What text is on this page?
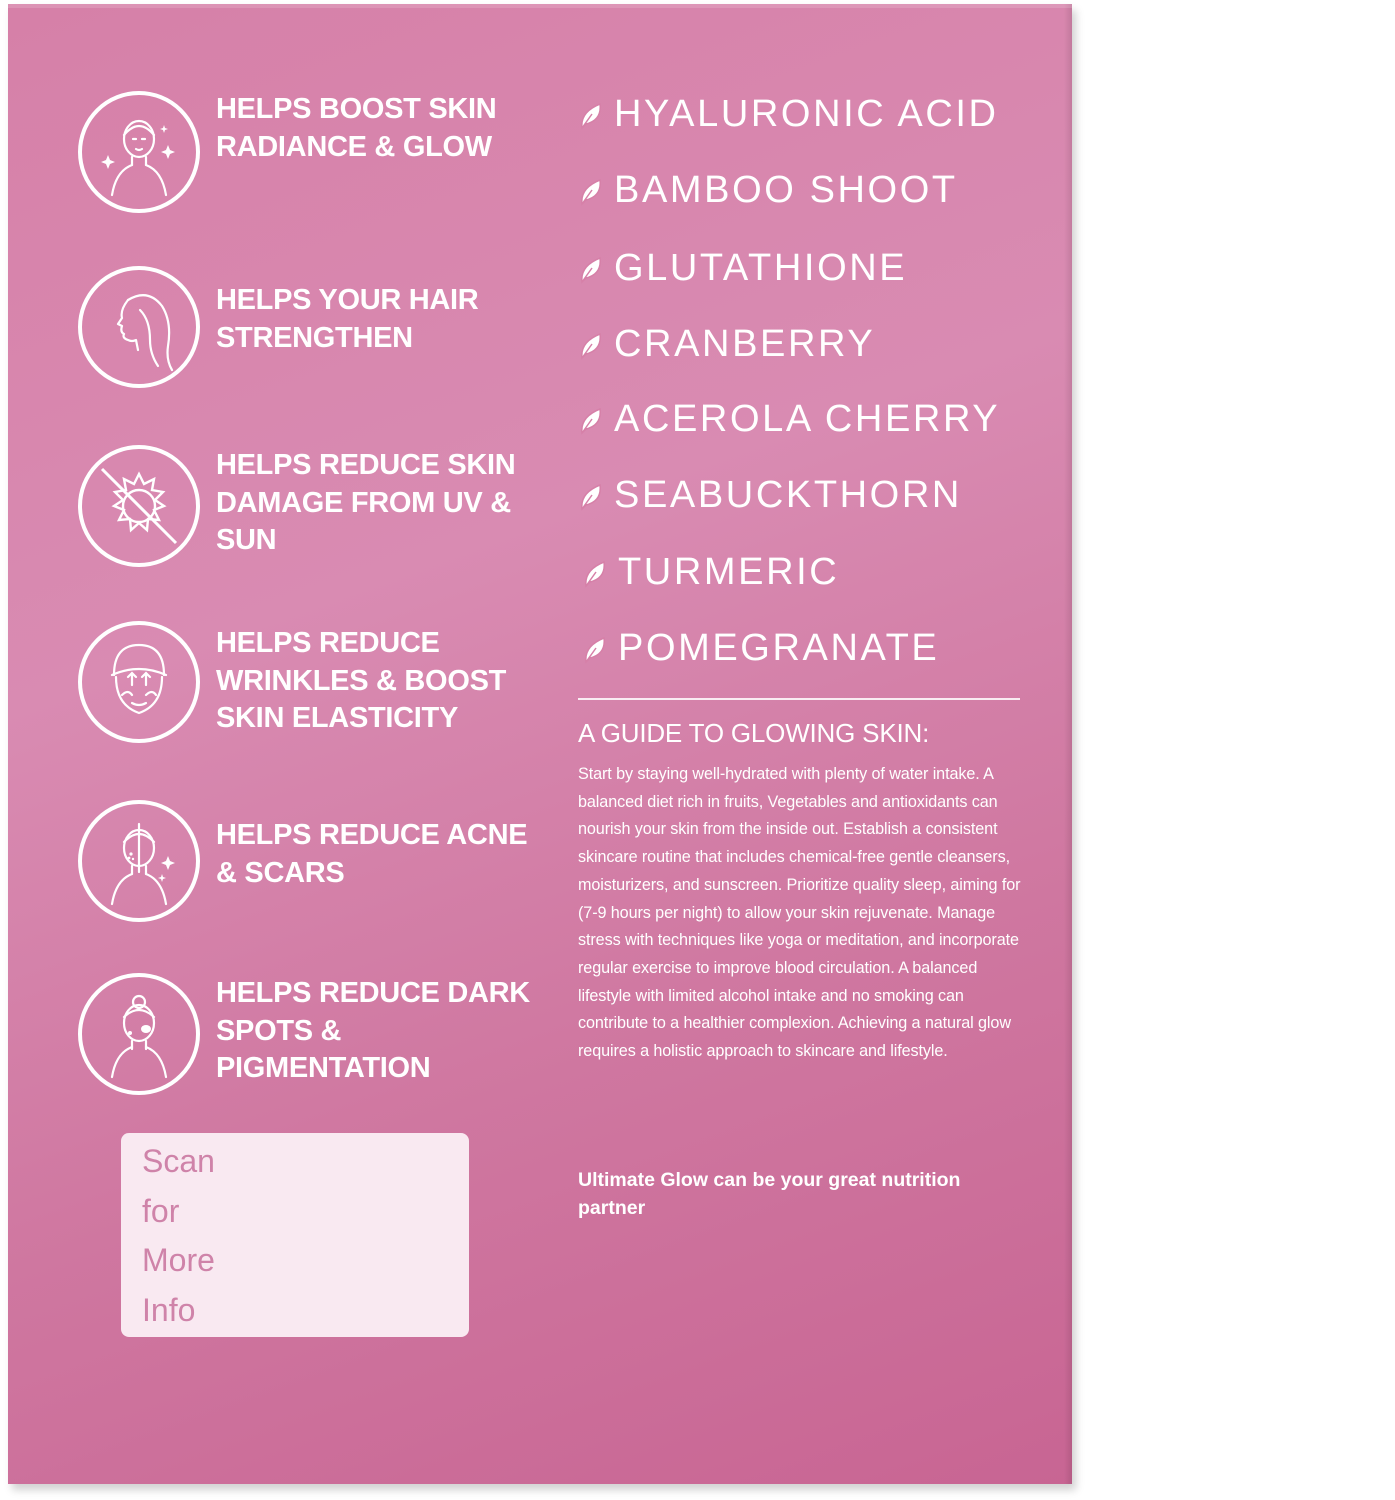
HELPS BOOST SKIN RADIANCE & GLOW
HELPS YOUR HAIR STRENGTHEN
HELPS REDUCE SKIN DAMAGE FROM UV & SUN
HELPS REDUCE WRINKLES & BOOST SKIN ELASTICITY
HELPS REDUCE ACNE & SCARS
HELPS REDUCE DARK SPOTS & PIGMENTATION
HYALURONIC ACID
BAMBOO SHOOT
GLUTATHIONE
CRANBERRY
ACEROLA CHERRY
SEABUCKTHORN
TURMERIC
POMEGRANATE
A GUIDE TO GLOWING SKIN:
Start by staying well-hydrated with plenty of water intake. A balanced diet rich in fruits, Vegetables and antioxidants can nourish your skin from the inside out. Establish a consistent skincare routine that includes chemical-free gentle cleansers, moisturizers, and sunscreen. Prioritize quality sleep, aiming for (7-9 hours per night) to allow your skin rejuvenate. Manage stress with techniques like yoga or meditation, and incorporate regular exercise to improve blood circulation. A balanced lifestyle with limited alcohol intake and no smoking can contribute to a healthier complexion. Achieving a natural glow requires a holistic approach to skincare and lifestyle.
Ultimate Glow can be your great nutrition partner
Scan for More Info
